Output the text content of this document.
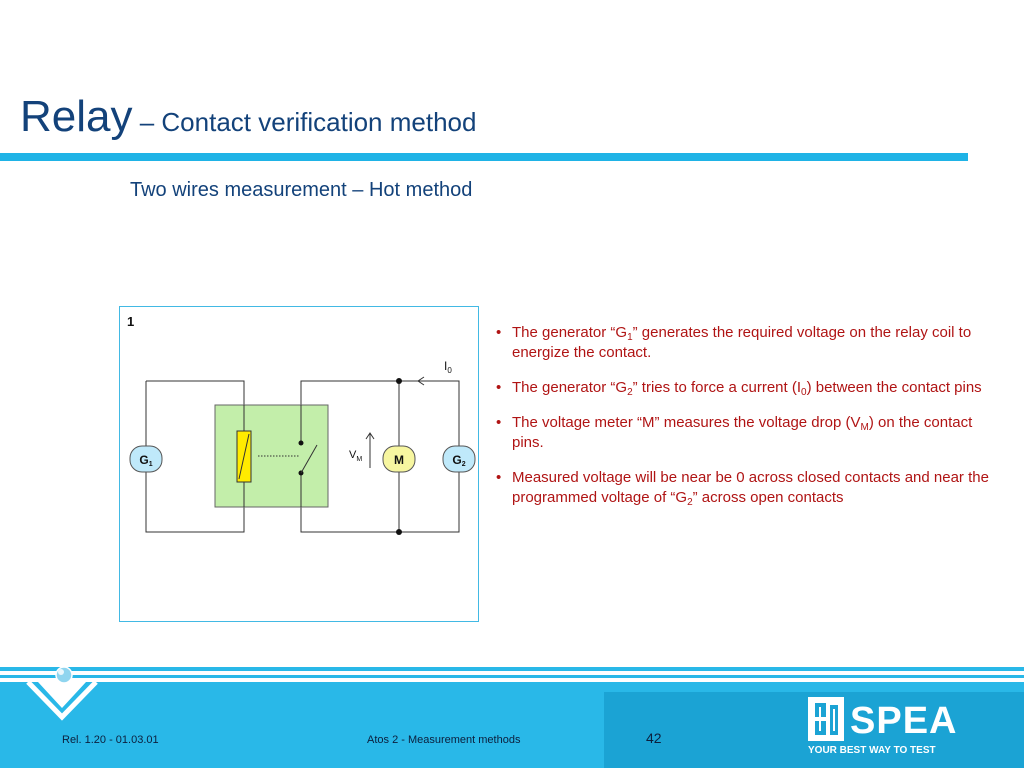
Relay – Contact verification method
Two wires measurement – Hot method
1
$I_0$
$V_M$
G1	M	G2
• The generator “$G_1$” generates the required voltage on the relay coil to energize the contact.
• The generator “$G_2$” tries to force a current $(I_0)$ between the contact pins
• The voltage meter “M” measures the voltage drop $(V_M)$ on the contact pins.
• Measured voltage will be near be 0 across closed contacts and near the programmed voltage of “$G_2$” across open contacts
SPEA
YOUR BEST WAY TO TEST
Rel. 1.20 - 01.03.01	Atos 2 - Measurement methods	42
